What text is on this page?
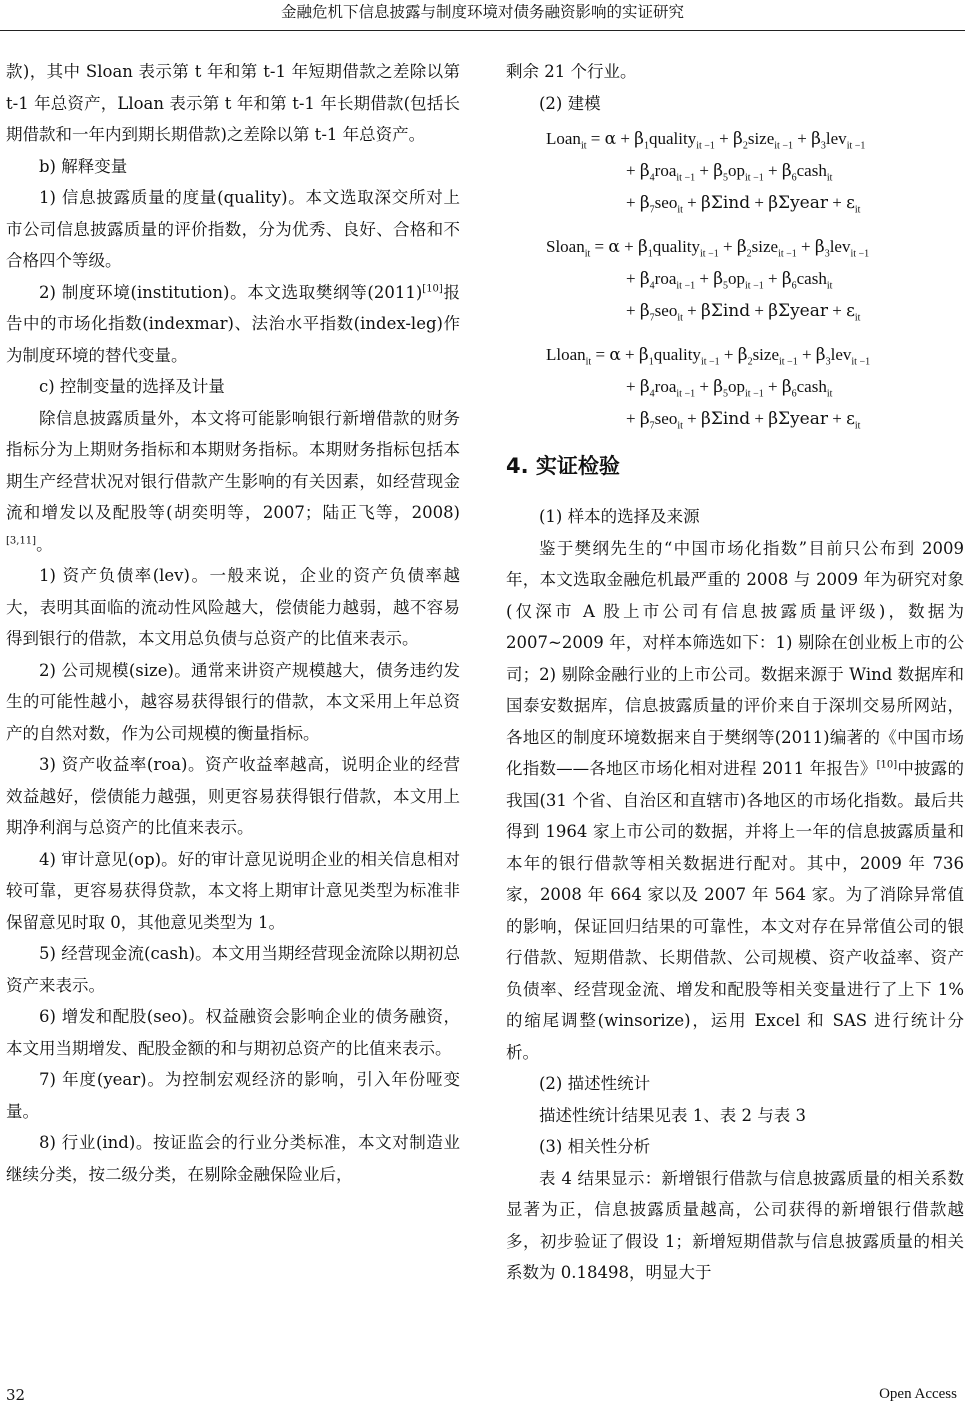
金融危机下信息披露与制度环境对债务融资影响的实证研究

款)，其中 Sloan 表示第 t 年和第 t-1 年短期借款之差除以第 t-1 年总资产，Lloan 表示第 t 年和第 t-1 年长期借款(包括长期借款和一年内到期长期借款)之差除以第 t-1 年总资产。

b) 解释变量

1) 信息披露质量的度量(quality)。本文选取深交所对上市公司信息披露质量的评价指数，分为优秀、良好、合格和不合格四个等级。

2) 制度环境(institution)。本文选取樊纲等(2011)[10]报告中的市场化指数(indexmar)、法治水平指数(index-leg)作为制度环境的替代变量。

c) 控制变量的选择及计量

除信息披露质量外，本文将可能影响银行新增借款的财务指标分为上期财务指标和本期财务指标。本期财务指标包括本期生产经营状况对银行借款产生影响的有关因素，如经营现金流和增发以及配股等(胡奕明等，2007；陆正飞等，2008)[3,11]。

1) 资产负债率(lev)。一般来说，企业的资产负债率越大，表明其面临的流动性风险越大，偿债能力越弱，越不容易得到银行的借款，本文用总负债与总资产的比值来表示。

2) 公司规模(size)。通常来讲资产规模越大，债务违约发生的可能性越小，越容易获得银行的借款，本文采用上年总资产的自然对数，作为公司规模的衡量指标。

3) 资产收益率(roa)。资产收益率越高，说明企业的经营效益越好，偿债能力越强，则更容易获得银行借款，本文用上期净利润与总资产的比值来表示。

4) 审计意见(op)。好的审计意见说明企业的相关信息相对较可靠，更容易获得贷款，本文将上期审计意见类型为标准非保留意见时取 0，其他意见类型为 1。

5) 经营现金流(cash)。本文用当期经营现金流除以期初总资产来表示。

6) 增发和配股(seo)。权益融资会影响企业的债务融资，本文用当期增发、配股金额的和与期初总资产的比值来表示。

7) 年度(year)。为控制宏观经济的影响，引入年份哑变量。

8) 行业(ind)。按证监会的行业分类标准，本文对制造业继续分类，按二级分类，在剔除金融保险业后，

剩余 21 个行业。

(2) 建模

Loan$_{it}$ = $\alpha + \beta_1quality_{it -1}$ + $\beta_2size_{it -1} + \beta_3lev_{it -1}$
+ $\beta_4roa_{it -1} + \beta_5op_{it -1}$ + $\beta_6cash_{it}$
+ $\beta_7seo_{it} + \beta\Sigma ind$ + βΣyear + $\varepsilon_{it}$
Sloan$_{it}$ = $\alpha + \beta_1quality_{it -1}$ + $\beta_2size_{it -1} + \beta_3lev_{it -1}$
+ $\beta_4roa_{it -1} + \beta_5op_{it -1}$ + $\beta_6cash_{it}$
+ $\beta_7seo_{it} + \beta\Sigma ind$ + βΣyear + $\varepsilon_{it}$
Lloan$_{it}$ = $\alpha + \beta_1quality_{it -1}$ + $\beta_2size_{it -1} + \beta_3lev_{it -1}$
+ $\beta_4roa_{it -1} + \beta_5op_{it -1}$ + $\beta_6cash_{it}$
+ $\beta_7seo_{it} + \beta\Sigma ind$ + βΣyear + $\varepsilon_{it}$
4. 实证检验

(1) 样本的选择及来源

鉴于樊纲先生的“中国市场化指数”目前只公布到 2009 年，本文选取金融危机最严重的 2008 与 2009 年为研究对象(仅深市 A 股上市公司有信息披露质量评级)，数据为 2007~2009 年，对样本筛选如下：1) 剔除在创业板上市的公司；2) 剔除金融行业的上市公司。数据来源于 Wind 数据库和国泰安数据库，信息披露质量的评价来自于深圳交易所网站，各地区的制度环境数据来自于樊纲等(2011)编著的《中国市场化指数——各地区市场化相对进程 2011 年报告》[10]中披露的我国(31 个省、自治区和直辖市)各地区的市场化指数。最后共得到 1964 家上市公司的数据，并将上一年的信息披露质量和本年的银行借款等相关数据进行配对。其中，2009 年 736 家，2008 年 664 家以及 2007 年 564 家。为了消除异常值的影响，保证回归结果的可靠性，本文对存在异常值公司的银行借款、短期借款、长期借款、公司规模、资产收益率、资产负债率、经营现金流、增发和配股等相关变量进行了上下 1%的缩尾调整(winsorize)，运用 Excel 和 SAS 进行统计分析。

(2) 描述性统计

描述性统计结果见表 1、表 2 与表 3

(3) 相关性分析

表 4 结果显示：新增银行借款与信息披露质量的相关系数显著为正，信息披露质量越高，公司获得的新增银行借款越多，初步验证了假设 1；新增短期借款与信息披露质量的相关系数为 0.18498，明显大于

32	Open Access
